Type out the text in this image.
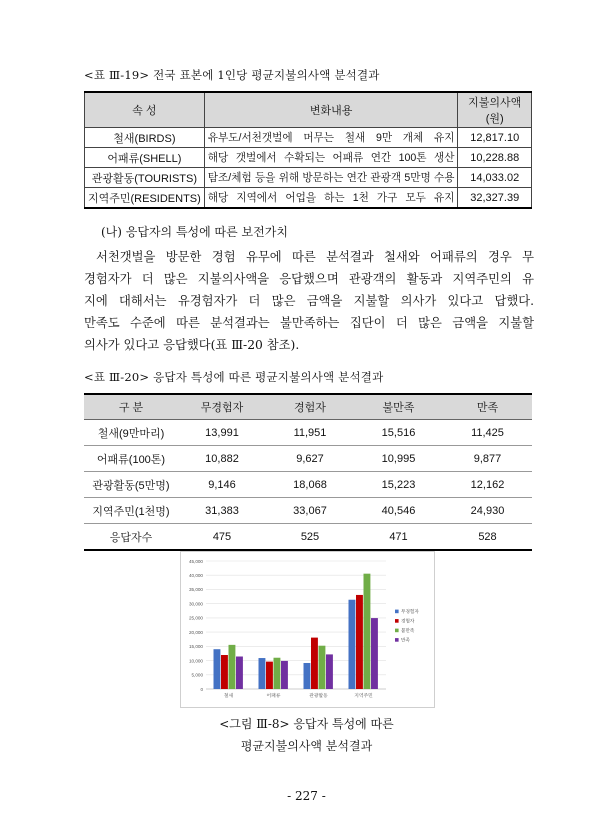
<표 Ⅲ-19> 전국 표본에 1인당 평균지불의사액 분석결과
속 성	변화내용	지불의사액
(원)
철새(BIRDS)	유부도/서천갯벌에 머무는 철새 9만 개체 유지	12,817.10
어패류(SHELL)	해당 갯벌에서 수확되는 어패류 연간 100톤 생산	10,228.88
관광활동(TOURISTS)	탐조/체험 등을 위해 방문하는 연간 관광객 5만명 수용	14,033.02
지역주민(RESIDENTS)	해당 지역에서 어업을 하는 1천 가구 모두 유지	32,327.39
(나) 응답자의 특성에 따른 보전가치

서천갯벌을 방문한 경험 유무에 따른 분석결과 철새와 어패류의 경우 무
경험자가 더 많은 지불의사액을 응답했으며 관광객의 활동과 지역주민의 유
지에 대해서는 유경험자가 더 많은 금액을 지불할 의사가 있다고 답했다.
만족도 수준에 따른 분석결과는 불만족하는 집단이 더 많은 금액을 지불할
의사가 있다고 응답했다(표 Ⅲ-20 참조).

<표 Ⅲ-20> 응답자 특성에 따른 평균지불의사액 분석결과
구 분	무경험자	경험자	불만족	만족
철새(9만마리)	13,991	11,951	15,516	11,425
어패류(100톤)	10,882	9,627	10,995	9,877
관광활동(5만명)	9,146	18,068	15,223	12,162
지역주민(1천명)	31,383	33,067	40,546	24,930
응답자수	475	525	471	528
0
5,000
10,000
15,000
20,000
25,000
30,000
35,000
40,000
45,000
철새	어패류	관광활동	지역주민
무경험자
경험자
불만족
만족
<그림 Ⅲ-8> 응답자 특성에 따른
평균지불의사액 분석결과
- 227 -
